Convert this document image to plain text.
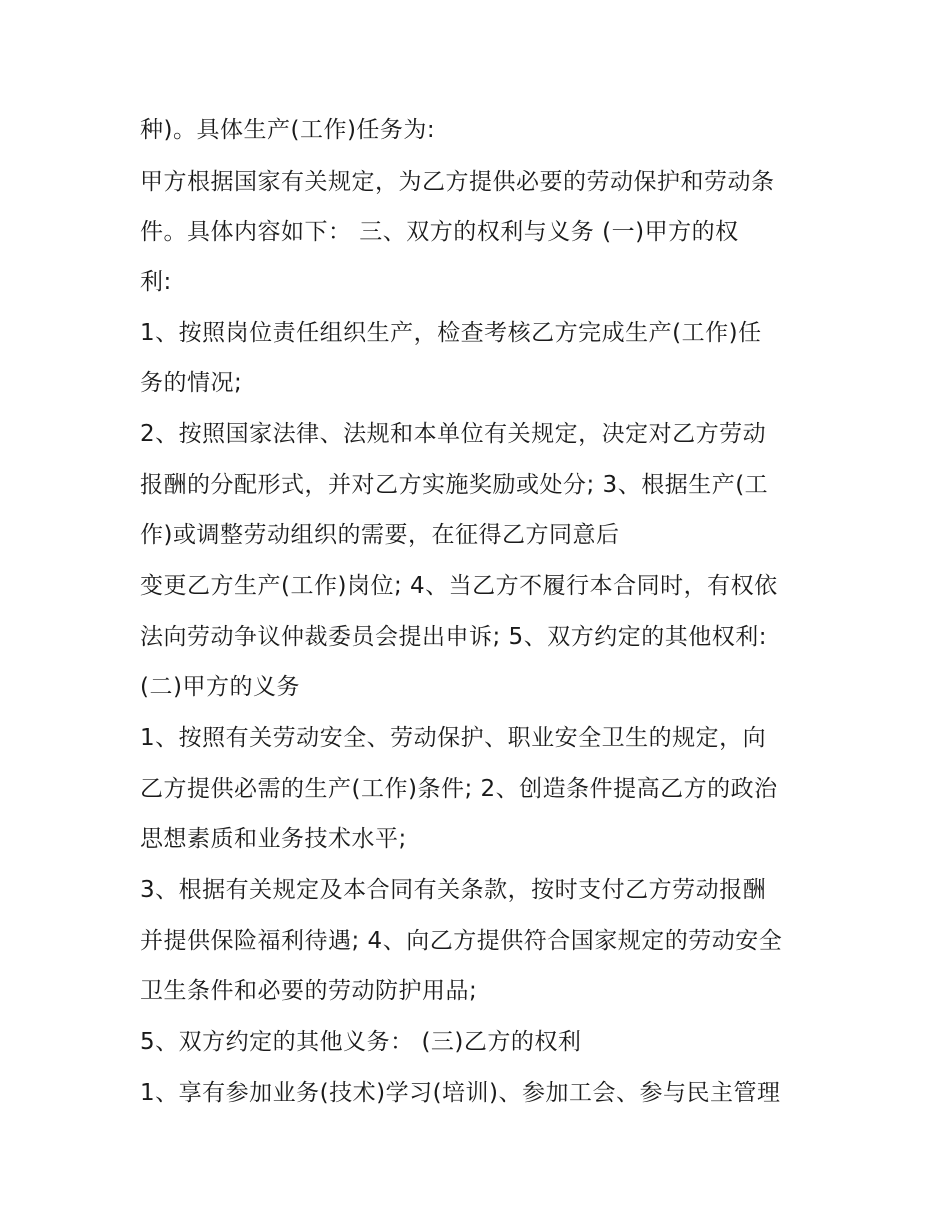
种)。具体生产(工作)任务为:
甲方根据国家有关规定，为乙方提供必要的劳动保护和劳动条
件。具体内容如下： 三、双方的权利与义务 (一)甲方的权
利:
1、按照岗位责任组织生产，检查考核乙方完成生产(工作)任
务的情况;
2、按照国家法律、法规和本单位有关规定，决定对乙方劳动
报酬的分配形式，并对乙方实施奖励或处分; 3、根据生产(工
作)或调整劳动组织的需要，在征得乙方同意后
变更乙方生产(工作)岗位; 4、当乙方不履行本合同时，有权依
法向劳动争议仲裁委员会提出申诉; 5、双方约定的其他权利:
(二)甲方的义务
1、按照有关劳动安全、劳动保护、职业安全卫生的规定，向
乙方提供必需的生产(工作)条件; 2、创造条件提高乙方的政治
思想素质和业务技术水平;
3、根据有关规定及本合同有关条款，按时支付乙方劳动报酬
并提供保险福利待遇; 4、向乙方提供符合国家规定的劳动安全
卫生条件和必要的劳动防护用品;
5、双方约定的其他义务： (三)乙方的权利
1、享有参加业务(技术)学习(培训)、参加工会、参与民主管理
